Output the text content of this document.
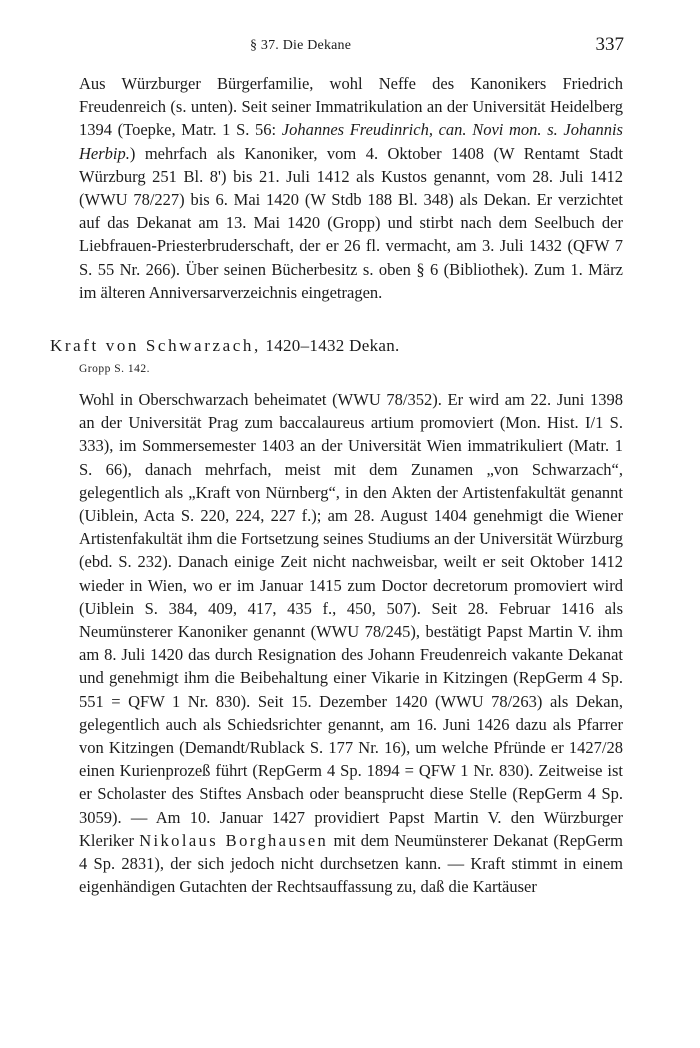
§ 37. Die Dekane	337

Aus Würzburger Bürgerfamilie, wohl Neffe des Kanonikers Friedrich Freudenreich (s. unten). Seit seiner Immatrikulation an der Universität Heidelberg 1394 (Toepke, Matr. 1 S. 56: Johannes Freudinrich, can. Novi mon. s. Johannis Herbip.) mehrfach als Kanoniker, vom 4. Oktober 1408 (W Rentamt Stadt Würzburg 251 Bl. 8') bis 21. Juli 1412 als Kustos genannt, vom 28. Juli 1412 (WWU 78/227) bis 6. Mai 1420 (W Stdb 188 Bl. 348) als Dekan. Er verzichtet auf das Dekanat am 13. Mai 1420 (Gropp) und stirbt nach dem Seelbuch der Liebfrauen-Priesterbruderschaft, der er 26 fl. vermacht, am 3. Juli 1432 (QFW 7 S. 55 Nr. 266). Über seinen Bücherbesitz s. oben § 6 (Bibliothek). Zum 1. März im älteren Anniversarverzeichnis eingetragen.

Kraft von Schwarzach, 1420–1432 Dekan.

Gropp S. 142.

Wohl in Oberschwarzach beheimatet (WWU 78/352). Er wird am 22. Juni 1398 an der Universität Prag zum baccalaureus artium promoviert (Mon. Hist. I/1 S. 333), im Sommersemester 1403 an der Universität Wien immatrikuliert (Matr. 1 S. 66), danach mehrfach, meist mit dem Zunamen „von Schwarzach“, gelegentlich als „Kraft von Nürnberg“, in den Akten der Artistenfakultät genannt (Uiblein, Acta S. 220, 224, 227 f.); am 28. August 1404 genehmigt die Wiener Artistenfakultät ihm die Fortsetzung seines Studiums an der Universität Würzburg (ebd. S. 232). Danach einige Zeit nicht nachweisbar, weilt er seit Oktober 1412 wieder in Wien, wo er im Januar 1415 zum Doctor decretorum promoviert wird (Uiblein S. 384, 409, 417, 435 f., 450, 507). Seit 28. Februar 1416 als Neumünsterer Kanoniker genannt (WWU 78/245), bestätigt Papst Martin V. ihm am 8. Juli 1420 das durch Resignation des Johann Freudenreich vakante Dekanat und genehmigt ihm die Beibehaltung einer Vikarie in Kitzingen (RepGerm 4 Sp. 551 = QFW 1 Nr. 830). Seit 15. Dezember 1420 (WWU 78/263) als Dekan, gelegentlich auch als Schiedsrichter genannt, am 16. Juni 1426 dazu als Pfarrer von Kitzingen (Demandt/Rublack S. 177 Nr. 16), um welche Pfründe er 1427/28 einen Kurienprozeß führt (RepGerm 4 Sp. 1894 = QFW 1 Nr. 830). Zeitweise ist er Scholaster des Stiftes Ansbach oder beansprucht diese Stelle (RepGerm 4 Sp. 3059). — Am 10. Januar 1427 providiert Papst Martin V. den Würzburger Kleriker Nikolaus Borghausen mit dem Neumünsterer Dekanat (RepGerm 4 Sp. 2831), der sich jedoch nicht durchsetzen kann. — Kraft stimmt in einem eigenhändigen Gutachten der Rechtsauffassung zu, daß die Kartäuser
